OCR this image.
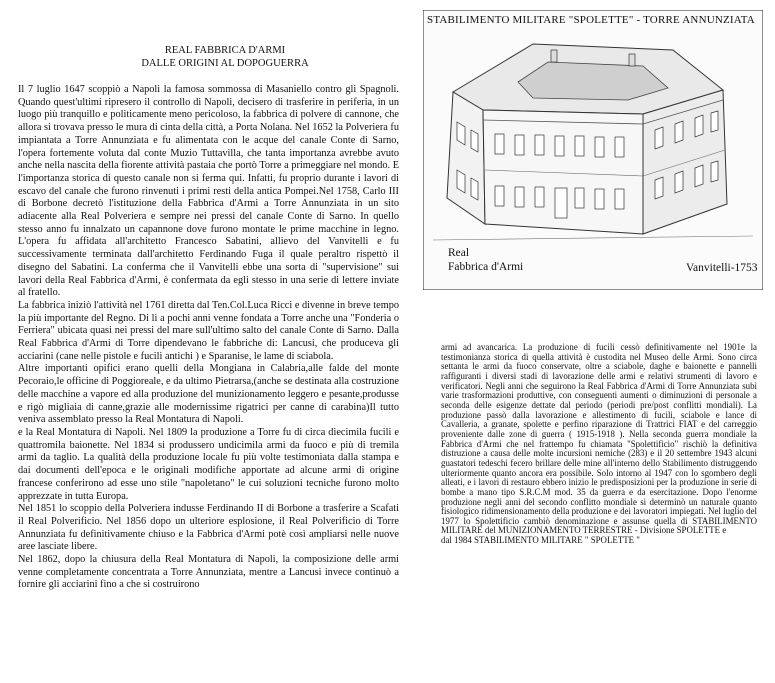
REAL FABBRICA D'ARMI
DALLE ORIGINI AL DOPOGUERRA

Il 7 luglio 1647 scoppiò a Napoli la famosa sommossa di Masaniello contro gli Spagnoli. Quando quest'ultimi ripresero il controllo di Napoli, decisero di trasferire in periferia, in un luogo più tranquillo e politicamente meno pericoloso, la fabbrica di polvere di cannone, che allora si trovava presso le mura di cinta della città, a Porta Nolana. Nel 1652 la Polveriera fu impiantata a Torre Annunziata e fu alimentata con le acque del canale Conte di Sarno, l'opera fortemente voluta dal conte Muzio Tuttavilla, che tanta importanza avrebbe avuto anche nella nascita della fiorente attività pastaia che portò Torre a primeggiare nel mondo. E l'importanza storica di questo canale non si ferma qui. Infatti, fu proprio durante i lavori di escavo del canale che furono rinvenuti i primi resti della antica Pompei.Nel 1758, Carlo III di Borbone decretò l'istituzione della Fabbrica d'Armi a Torre Annunziata in un sito adiacente alla Real Polveriera e sempre nei pressi del canale Conte di Sarno. In quello stesso anno fu innalzato un capannone dove furono montate le prime macchine in legno. L'opera fu affidata all'architetto Francesco Sabatini, allievo del Vanvitelli e fu successivamente terminata dall'architetto Ferdinando Fuga il quale peraltro rispettò il disegno del Sabatini. La conferma che il Vanvitelli ebbe una sorta di "supervisione" sui lavori della Real Fabbrica d'Armi, è confermata da egli stesso in una serie di lettere inviate al fratello.

La fabbrica iniziò l'attività nel 1761 diretta dal Ten.Col.Luca Ricci e divenne in breve tempo la più importante del Regno. Di lì a pochi anni venne fondata a Torre anche una "Fonderia o Ferriera" ubicata quasi nei pressi del mare sull'ultimo salto del canale Conte di Sarno. Dalla Real Fabbrica d'Armi di Torre dipendevano le fabbriche di: Lancusi, che produceva gli acciarini (cane nelle pistole e fucili antichi ) e Sparanise, le lame di sciabola.

Altre importanti opifici erano quelli della Mongiana in Calabria,alle falde del monte Pecoraio,le officine di Poggioreale, e da ultimo Pietrarsa,(anche se destinata alla costruzione delle macchine a vapore ed alla produzione del munizionamento leggero e pesante,produsse e rigò migliaia di canne,grazie alle modernissime rigatrici per canne di carabina)Il tutto veniva assemblato presso la Real Montatura di Napoli.

e la Real Montatura di Napoli. Nel 1809 la produzione a Torre fu di circa diecimila fucili e quattromila baionette. Nel 1834 si produssero undicimila armi da fuoco e più di tremila armi da taglio. La qualità della produzione locale fu più volte testimoniata dalla stampa e dai documenti dell'epoca e le originali modifiche apportate ad alcune armi di origine francese conferirono ad esse uno stile "napoletano" le cui soluzioni tecniche furono molto apprezzate in tutta Europa.

Nel 1851 lo scoppio della Polveriera indusse Ferdinando II di Borbone a trasferire a Scafati il Real Polverificio. Nel 1856 dopo un ulteriore esplosione, il Real Polverificio di Torre Annunziata fu definitivamente chiuso e la Fabbrica d'Armi potè così ampliarsi nelle nuove aree lasciate libere.

Nel 1862, dopo la chiusura della Real Montatura di Napoli, la composizione delle armi venne completamente concentrata a Torre Annunziata, mentre a Lancusi invece continuò a fornire gli acciarini fino a che si costruirono

STABILIMENTO MILITARE "SPOLETTE" - TORRE ANNUNZIATA
Real
Fabbrica d'Armi	Vanvitelli-1753

armi ad avancarica. La produzione di fucili cessò definitivamente nel 1901e la testimonianza storica di quella attività è custodita nel Museo delle Armi. Sono circa settanta le armi da fuoco conservate, oltre a sciabole, daghe e baionette e pannelli raffiguranti i diversi stadi di lavorazione delle armi e relativi strumenti di lavoro e verificatori. Negli anni che seguirono la Real Fabbrica d'Armi di Torre Annunziata subì varie trasformazioni produttive, con conseguenti aumenti o diminuzioni di personale a seconda delle esigenze dettate dal periodo (periodi pre/post conflitti mondiali). La produzione passò dalla lavorazione e allestimento di fucili, sciabole e lance di Cavalleria, a granate, spolette e perfino riparazione di Trattrici FIAT e del carreggio proveniente dalle zone di guerra ( 1915-1918 ). Nella seconda guerra mondiale la Fabbrica d'Armi che nel frattempo fu chiamata "Spolettificio" rischiò la definitiva distruzione a causa delle molte incursioni nemiche (283) e il 20 settembre 1943 alcuni guastatori tedeschi fecero brillare delle mine all'interno dello Stabilimento distruggendo ulteriormente quanto ancora era possibile. Solo intorno al 1947 con lo sgombero degli alleati, e i lavori di restauro ebbero inizio le predisposizioni per la produzione in serie di bombe a mano tipo S.R.C.M mod. 35 da guerra e da esercitazione. Dopo l'enorme produzione negli anni del secondo conflitto mondiale si determinò un naturale quanto fisiologico ridimensionamento della produzione e dei lavoratori impiegati. Nel luglio del 1977 lo Spolettificio cambiò denominazione e assunse quella di STABILIMENTO MILITARE del MUNIZIONAMENTO TERRESTRE - Divisione SPOLETTE e

dal 1984 STABILIMENTO MILITARE " SPOLETTE "
